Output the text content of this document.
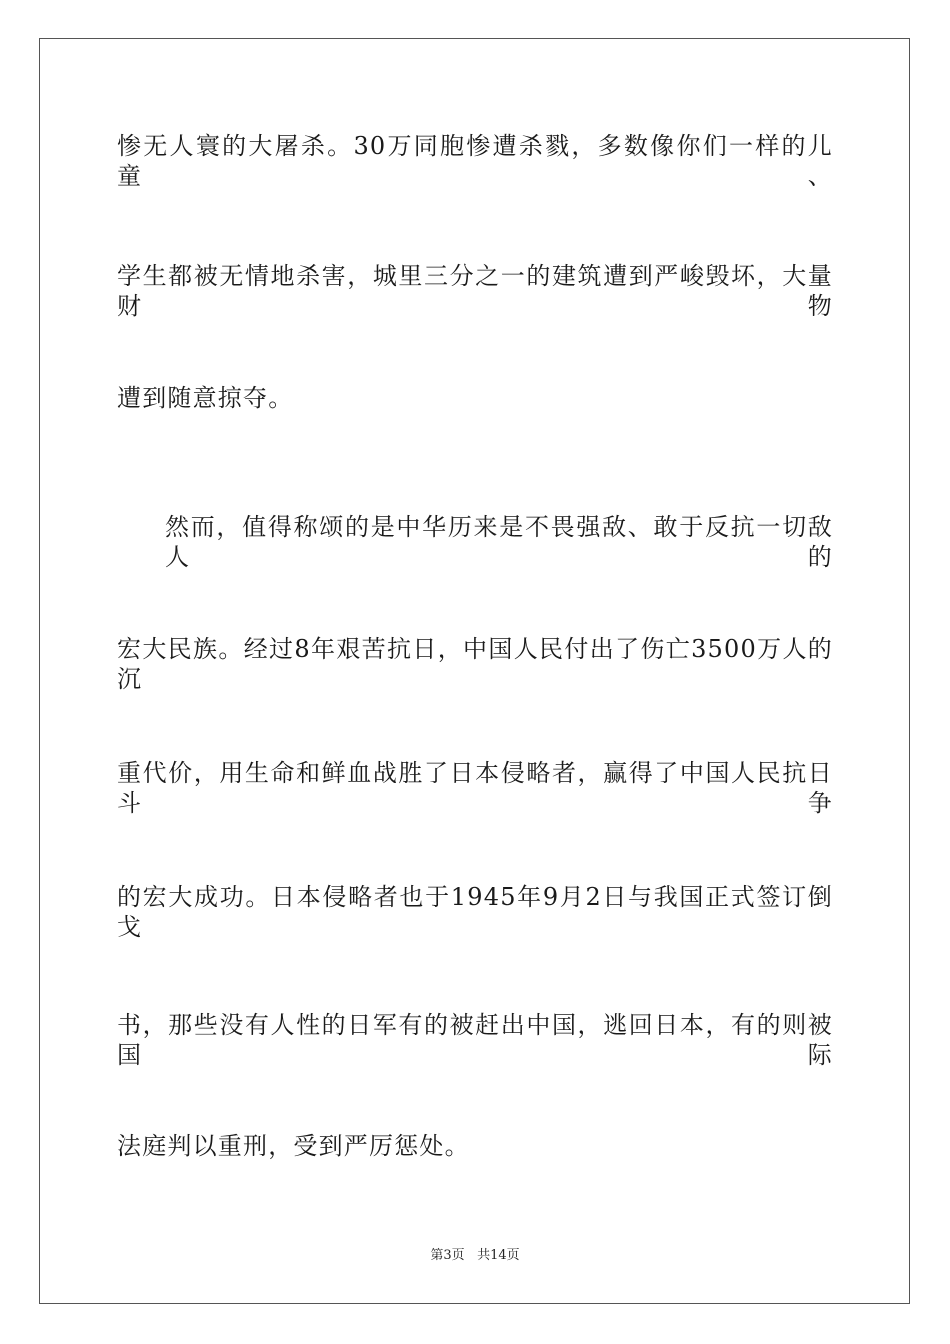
惨无人寰的大屠杀。30万同胞惨遭杀戮，多数像你们一样的儿童、
学生都被无情地杀害，城里三分之一的建筑遭到严峻毁坏，大量财物
遭到随意掠夺。
然而，值得称颂的是中华历来是不畏强敌、敢于反抗一切敌人的
宏大民族。经过8年艰苦抗日，中国人民付出了伤亡3500万人的沉
重代价，用生命和鲜血战胜了日本侵略者，赢得了中国人民抗日斗争
的宏大成功。日本侵略者也于1945年9月2日与我国正式签订倒戈
书，那些没有人性的日军有的被赶出中国，逃回日本，有的则被国际
法庭判以重刑，受到严厉惩处。
第3页 共14页
